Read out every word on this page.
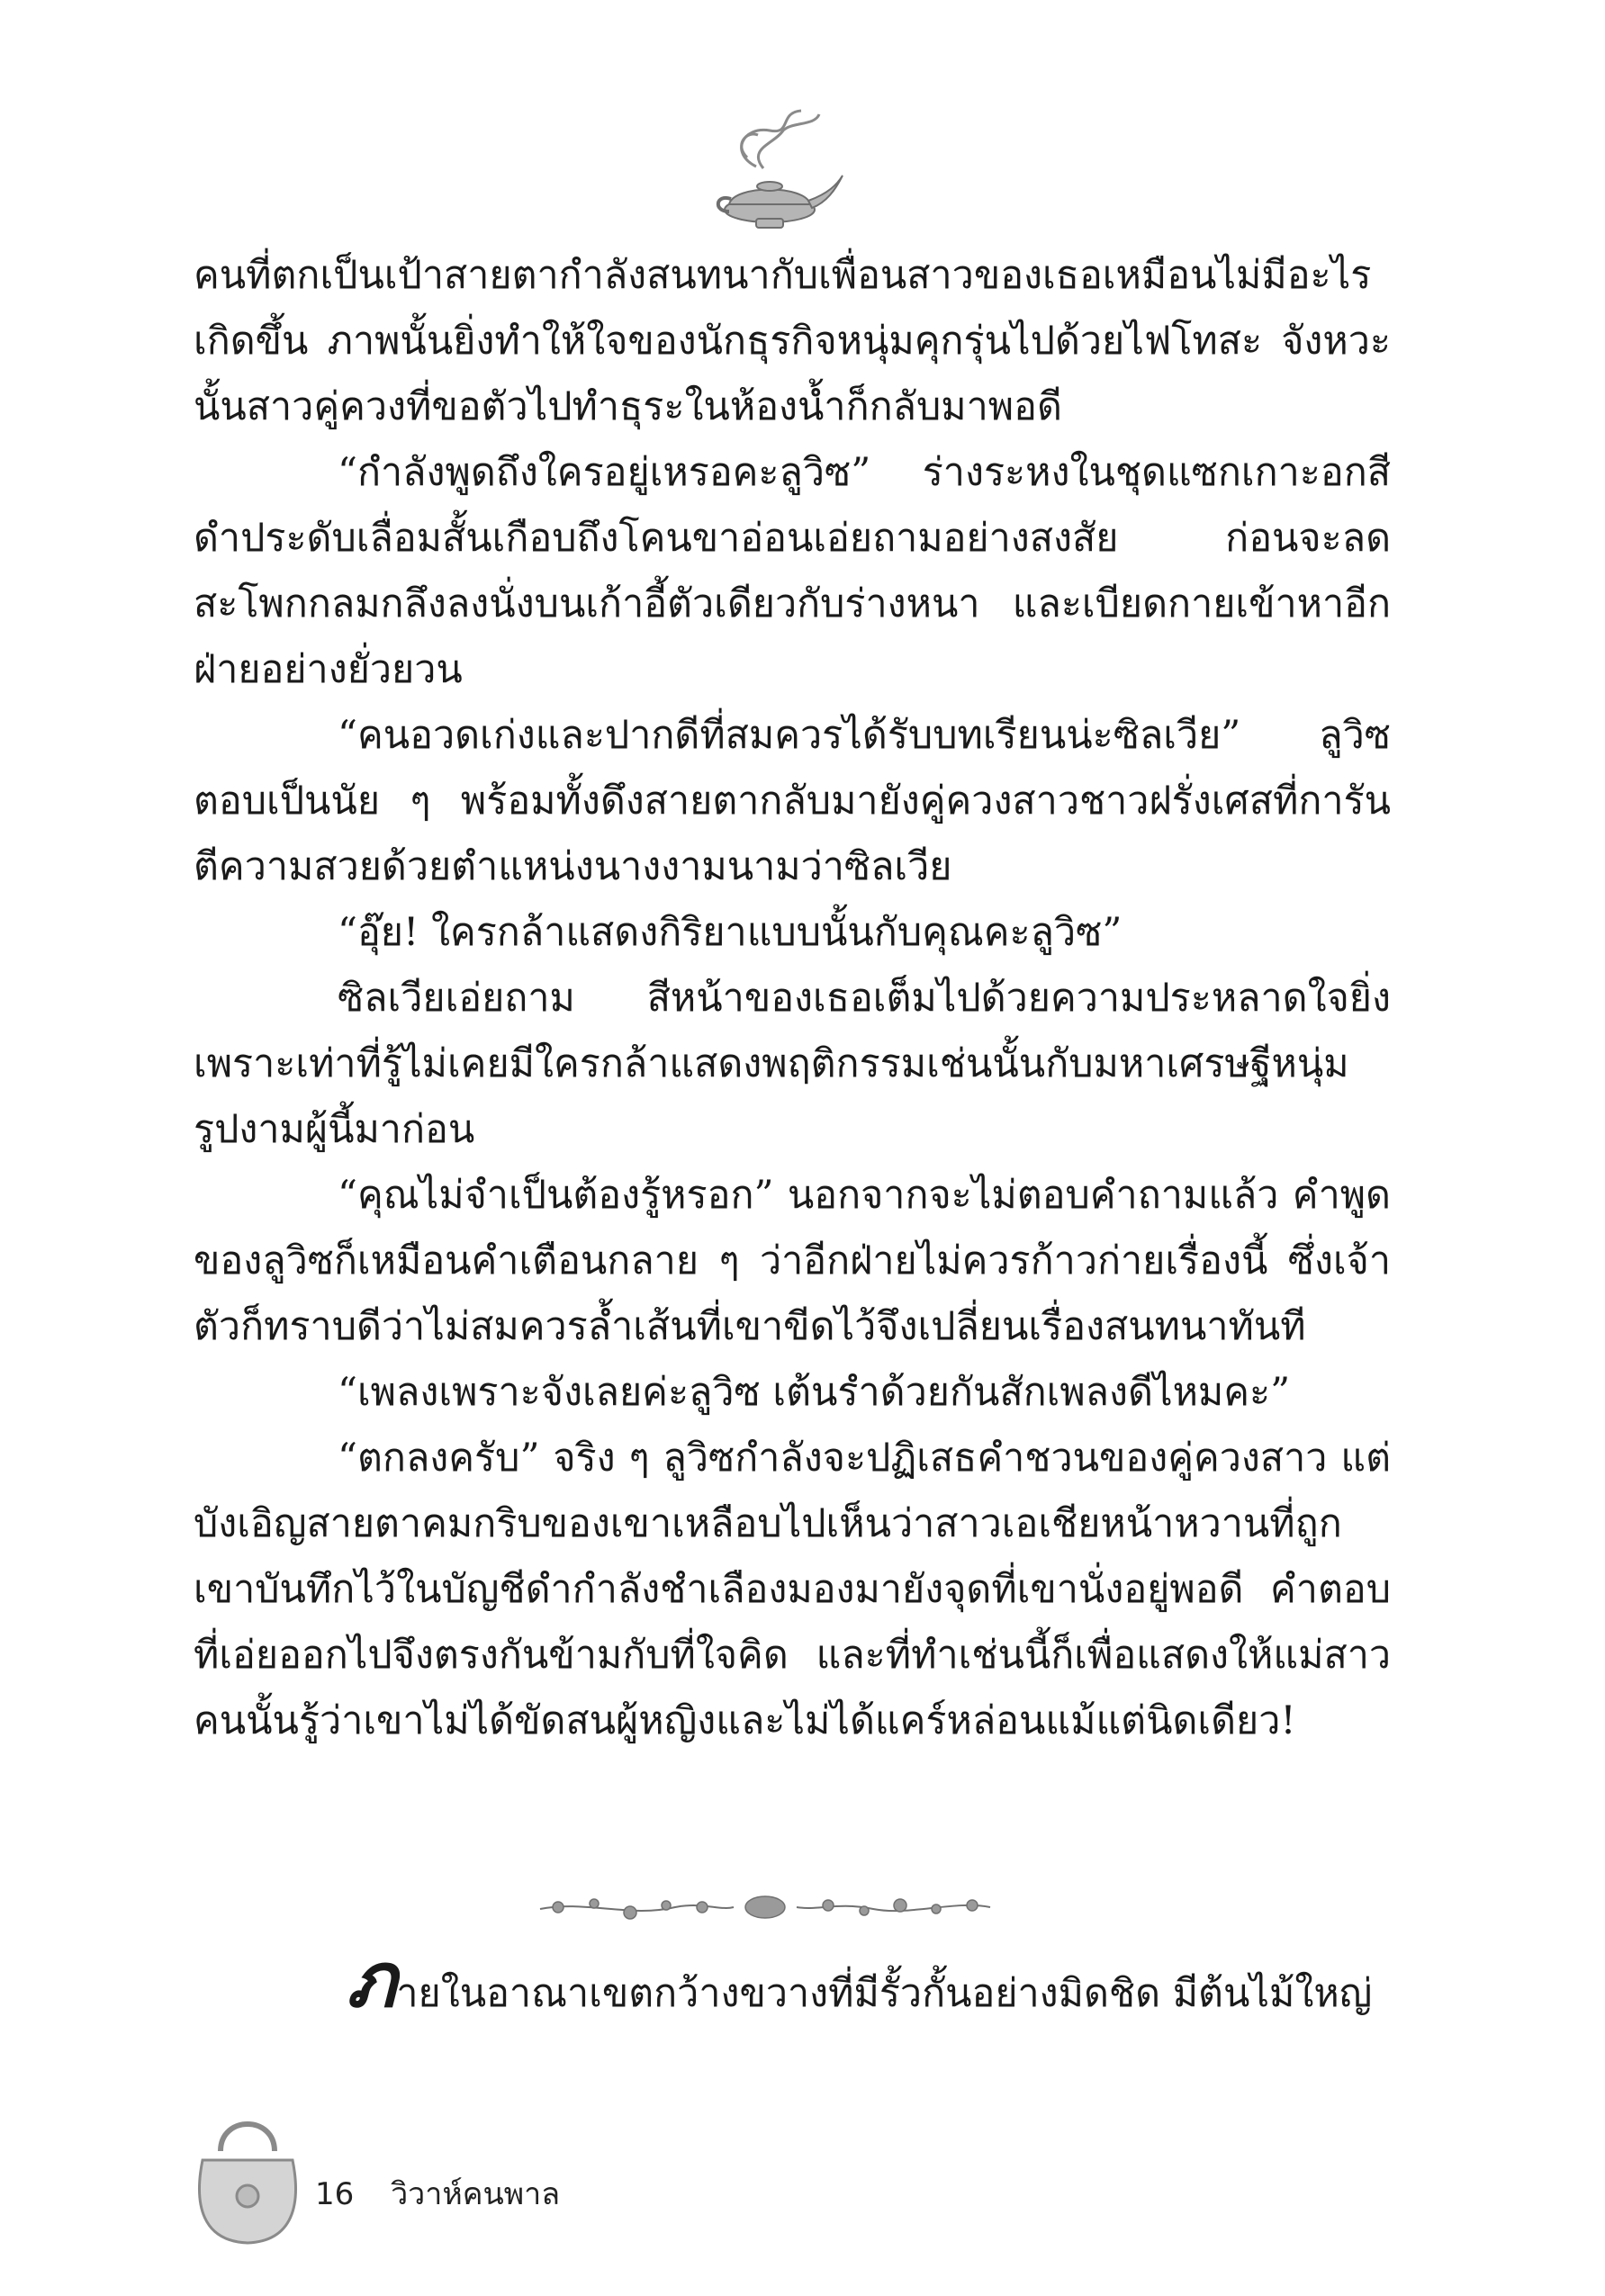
คนที่ตกเป็นเป้าสายตากำลังสนทนากับเพื่อนสาวของเธอเหมือนไม่มีอะไรเกิดขึ้น ภาพนั้นยิ่งทำให้ใจของนักธุรกิจหนุ่มคุกรุ่นไปด้วยไฟโทสะ จังหวะนั้นสาวคู่ควงที่ขอตัวไปทำธุระในห้องน้ำก็กลับมาพอดี

“กำลังพูดถึงใครอยู่เหรอคะลูวิซ” ร่างระหงในชุดแซกเกาะอกสีดำประดับเลื่อมสั้นเกือบถึงโคนขาอ่อนเอ่ยถามอย่างสงสัย ก่อนจะลดสะโพกกลมกลึงลงนั่งบนเก้าอี้ตัวเดียวกับร่างหนา และเบียดกายเข้าหาอีกฝ่ายอย่างยั่วยวน

“คนอวดเก่งและปากดีที่สมควรได้รับบทเรียนน่ะซิลเวีย” ลูวิซตอบเป็นนัย ๆ พร้อมทั้งดึงสายตากลับมายังคู่ควงสาวชาวฝรั่งเศสที่การันตีความสวยด้วยตำแหน่งนางงามนามว่าซิลเวีย

“อุ๊ย! ใครกล้าแสดงกิริยาแบบนั้นกับคุณคะลูวิซ”

ซิลเวียเอ่ยถาม สีหน้าของเธอเต็มไปด้วยความประหลาดใจยิ่ง เพราะเท่าที่รู้ไม่เคยมีใครกล้าแสดงพฤติกรรมเช่นนั้นกับมหาเศรษฐีหนุ่มรูปงามผู้นี้มาก่อน

“คุณไม่จำเป็นต้องรู้หรอก” นอกจากจะไม่ตอบคำถามแล้ว คำพูดของลูวิซก็เหมือนคำเตือนกลาย ๆ ว่าอีกฝ่ายไม่ควรก้าวก่ายเรื่องนี้ ซึ่งเจ้าตัวก็ทราบดีว่าไม่สมควรล้ำเส้นที่เขาขีดไว้จึงเปลี่ยนเรื่องสนทนาทันที

“เพลงเพราะจังเลยค่ะลูวิซ เต้นรำด้วยกันสักเพลงดีไหมคะ”

“ตกลงครับ” จริง ๆ ลูวิซกำลังจะปฏิเสธคำชวนของคู่ควงสาว แต่บังเอิญสายตาคมกริบของเขาเหลือบไปเห็นว่าสาวเอเชียหน้าหวานที่ถูกเขาบันทึกไว้ในบัญชีดำกำลังชำเลืองมองมายังจุดที่เขานั่งอยู่พอดี คำตอบที่เอ่ยออกไปจึงตรงกันข้ามกับที่ใจคิด และที่ทำเช่นนี้ก็เพื่อแสดงให้แม่สาวคนนั้นรู้ว่าเขาไม่ได้ขัดสนผู้หญิงและไม่ได้แคร์หล่อนแม้แต่นิดเดียว!

ภายในอาณาเขตกว้างขวางที่มีรั้วกั้นอย่างมิดชิด มีต้นไม้ใหญ่
16 วิวาห์คนพาล
